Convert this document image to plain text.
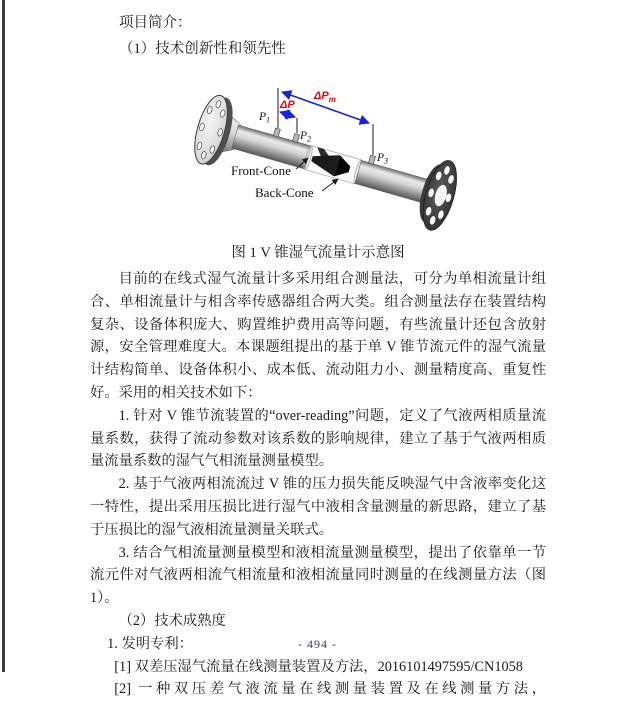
项目简介：

（1）技术创新性和领先性

ΔP
$\Delta P_m$
$P_1$
$P_2$
$P_3$
Front-Cone
Back-Cone
图 1 V 锥湿气流量计示意图

目前的在线式湿气流量计多采用组合测量法，可分为单相流量计组合、单相流量计与相含率传感器组合两大类。组合测量法存在装置结构复杂、设备体积庞大、购置维护费用高等问题，有些流量计还包含放射源，安全管理难度大。本课题组提出的基于单 V 锥节流元件的湿气流量计结构简单、设备体积小、成本低、流动阻力小、测量精度高、重复性好。采用的相关技术如下：

1. 针对 V 锥节流装置的“over-reading”问题，定义了气液两相质量流量系数，获得了流动参数对该系数的影响规律，建立了基于气液两相质量流量系数的湿气气相流量测量模型。

2. 基于气液两相流流过 V 锥的压力损失能反映湿气中含液率变化这一特性，提出采用压损比进行湿气中液相含量测量的新思路，建立了基于压损比的湿气液相流量测量关联式。

3. 结合气相流量测量模型和液相流量测量模型，提出了依靠单一节流元件对气液两相流气相流量和液相流量同时测量的在线测量方法（图 1）。

（2）技术成熟度

1. 发明专利：

[1] 双差压湿气流量在线测量装置及方法，2016101497595/CN1058

[2] 一种双压差气液流量在线测量装置及在线测量方法，

- 494 -
